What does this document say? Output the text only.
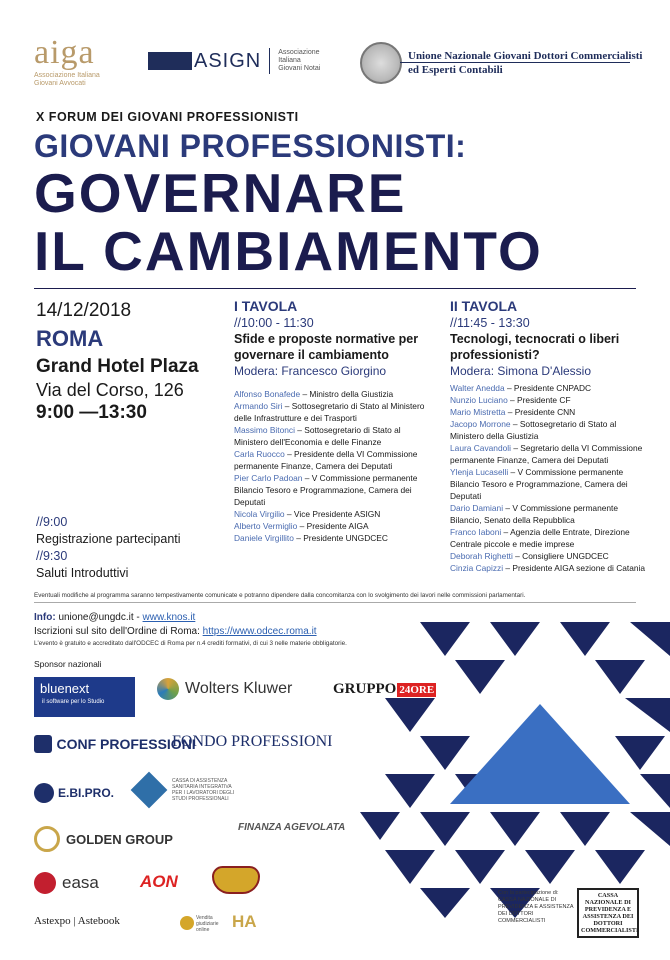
aiga
Associazione Italiana Giovani Avvocati
ASIGN Associazione
Italiana
Giovani Notai
Unione Nazionale Giovani Dottori Commercialisti
ed Esperti Contabili
X FORUM DEI GIOVANI PROFESSIONISTI
GIOVANI PROFESSIONISTI:
GOVERNARE
IL CAMBIAMENTO
14/12/2018
ROMA
Grand Hotel Plaza
Via del Corso, 126
9:00 —13:30
//9:00
Registrazione partecipanti
//9:30
Saluti Introduttivi
I TAVOLA
//10:00 - 11:30
Sfide e proposte normative per governare il cambiamento
Modera: Francesco Giorgino
Alfonso Bonafede – Ministro della Giustizia
Armando Siri – Sottosegretario di Stato al Ministero delle Infrastrutture e dei Trasporti
Massimo Bitonci – Sottosegretario di Stato al Ministero dell'Economia e delle Finanze
Carla Ruocco – Presidente della VI Commissione permanente Finanze, Camera dei Deputati
Pier Carlo Padoan – V Commissione permanente Bilancio Tesoro e Programmazione, Camera dei Deputati
Nicola Virgilio – Vice Presidente ASIGN
Alberto Vermiglio – Presidente AIGA
Daniele Virgillito – Presidente UNGDCEC
II TAVOLA
//11:45 - 13:30
Tecnologi, tecnocrati o liberi professionisti?
Modera: Simona D'Alessio
Walter Anedda – Presidente CNPADC
Nunzio Luciano – Presidente CF
Mario Mistretta – Presidente CNN
Jacopo Morrone – Sottosegretario di Stato al Ministero della Giustizia
Laura Cavandoli – Segretario della VI Commissione permanente Finanze, Camera dei Deputati
Ylenja Lucaselli – V Commissione permanente Bilancio Tesoro e Programmazione, Camera dei Deputati
Dario Damiani – V Commissione permanente Bilancio, Senato della Repubblica
Franco Iaboni – Agenzia delle Entrate, Direzione Centrale piccole e medie imprese
Deborah Righetti – Consigliere UNGDCEC
Cinzia Capizzi – Presidente AIGA sezione di Catania
Eventuali modifiche al programma saranno tempestivamente comunicate e potranno dipendere dalla concomitanza con lo svolgimento dei lavori nelle commissioni parlamentari.
Info: unione@ungdc.it - www.knos.it
Iscrizioni sul sito dell'Ordine di Roma: https://www.odcec.roma.it
L'evento è gratuito e accreditato dall'ODCEC di Roma per n.4 crediti formativi, di cui 3 nelle materie obbligatorie.
Sponsor nazionali
bluenext
il software per lo Studio
Wolters Kluwer	GRUPPO 24ORE
CONF PROFESSIONI
FONDO PROFESSIONI
E.BI.PRO.
CASSA DI ASSISTENZA SANITARIA INTEGRATIVA PER I LAVORATORI DEGLI STUDI PROFESSIONALI
GOLDEN GROUP
FINANZA AGEVOLATA
easa AON
Astexpo | Astebook	Vendita giudiziarie online	HA
Con la partecipazione di: CASSA NAZIONALE DI PREVIDENZA E ASSISTENZA DEI DOTTORI COMMERCIALISTI
CASSA NAZIONALE DI PREVIDENZA E ASSISTENZA DEI DOTTORI COMMERCIALISTI
